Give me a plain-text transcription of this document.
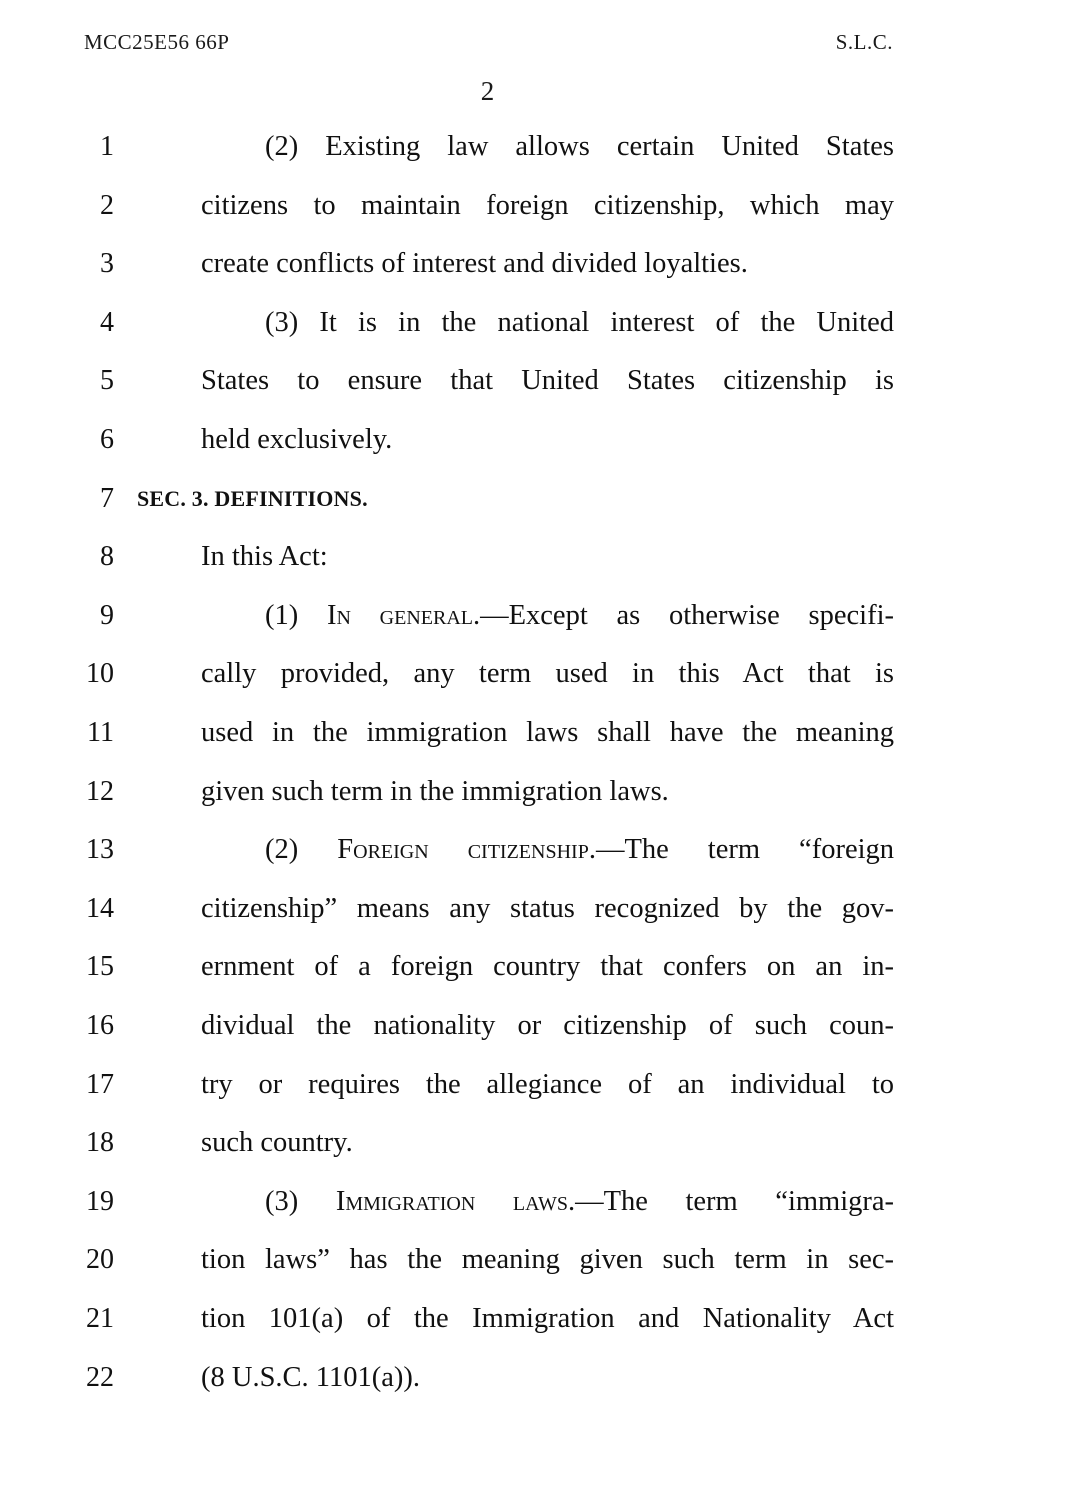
MCC25E56 66P	S.L.C.
2
1	(2) Existing law allows certain United States
2	citizens to maintain foreign citizenship, which may
3	create conflicts of interest and divided loyalties.
4	(3) It is in the national interest of the United
5	States to ensure that United States citizenship is
6	held exclusively.
7 SEC. 3. DEFINITIONS.
8	In this Act:
9	(1) In general.—Except as otherwise specifi-
10	cally provided, any term used in this Act that is
11	used in the immigration laws shall have the meaning
12	given such term in the immigration laws.
13	(2) Foreign citizenship.—The term “foreign
14	citizenship” means any status recognized by the gov-
15	ernment of a foreign country that confers on an in-
16	dividual the nationality or citizenship of such coun-
17	try or requires the allegiance of an individual to
18	such country.
19	(3) Immigration laws.—The term “immigra-
20	tion laws” has the meaning given such term in sec-
21	tion 101(a) of the Immigration and Nationality Act
22	(8 U.S.C. 1101(a)).
